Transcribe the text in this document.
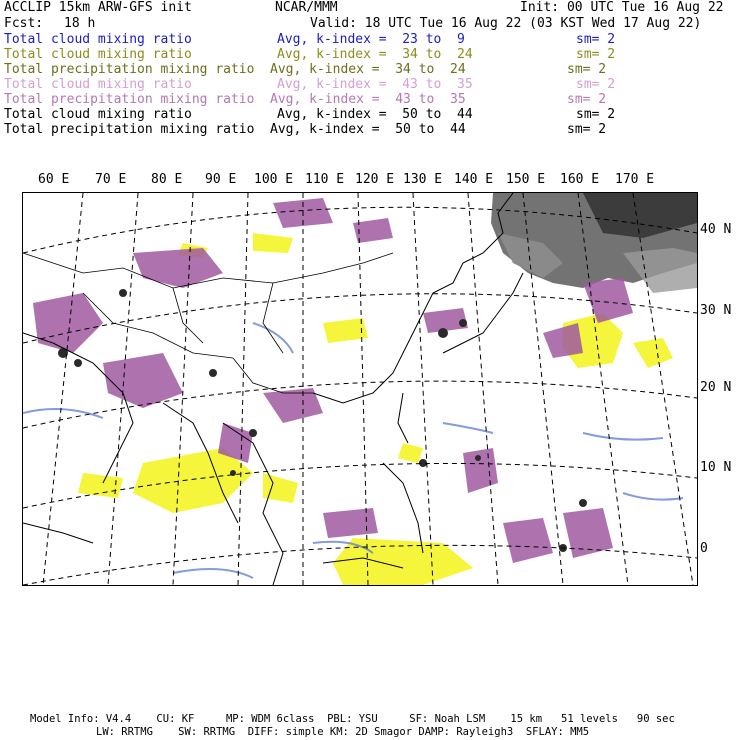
ACCLIP 15km ARW-GFS init	NCAR/MMM	Init: 00 UTC Tue 16 Aug 22
Fcst: 18 h	Valid: 18 UTC Tue 16 Aug 22 (03 KST Wed 17 Aug 22)
Total cloud mixing ratio	Avg, k-index =  23 to  9	sm= 2
Total cloud mixing ratio	Avg, k-index =  34 to  24	sm= 2
Total precipitation mixing ratio Avg, k-index =  34 to  24	sm= 2
Total cloud mixing ratio	Avg, k-index =  43 to  35	sm= 2
Total precipitation mixing ratio Avg, k-index =  43 to  35	sm= 2
Total cloud mixing ratio	Avg, k-index =  50 to  44	sm= 2
Total precipitation mixing ratio Avg, k-index =  50 to  44	sm= 2
60 E 70 E 80 E 90 E 100 E 110 E 120 E 130 E 140 E 150 E 160 E 170 E
40 N
30 N
20 N
10 N
0
Model Info: V4.4    CU: KF     MP: WDM 6class  PBL: YSU     SF: Noah LSM    15 km   51 levels   90 sec
LW: RRTMG    SW: RRTMG  DIFF: simple KM: 2D Smagor DAMP: Rayleigh3  SFLAY: MM5
